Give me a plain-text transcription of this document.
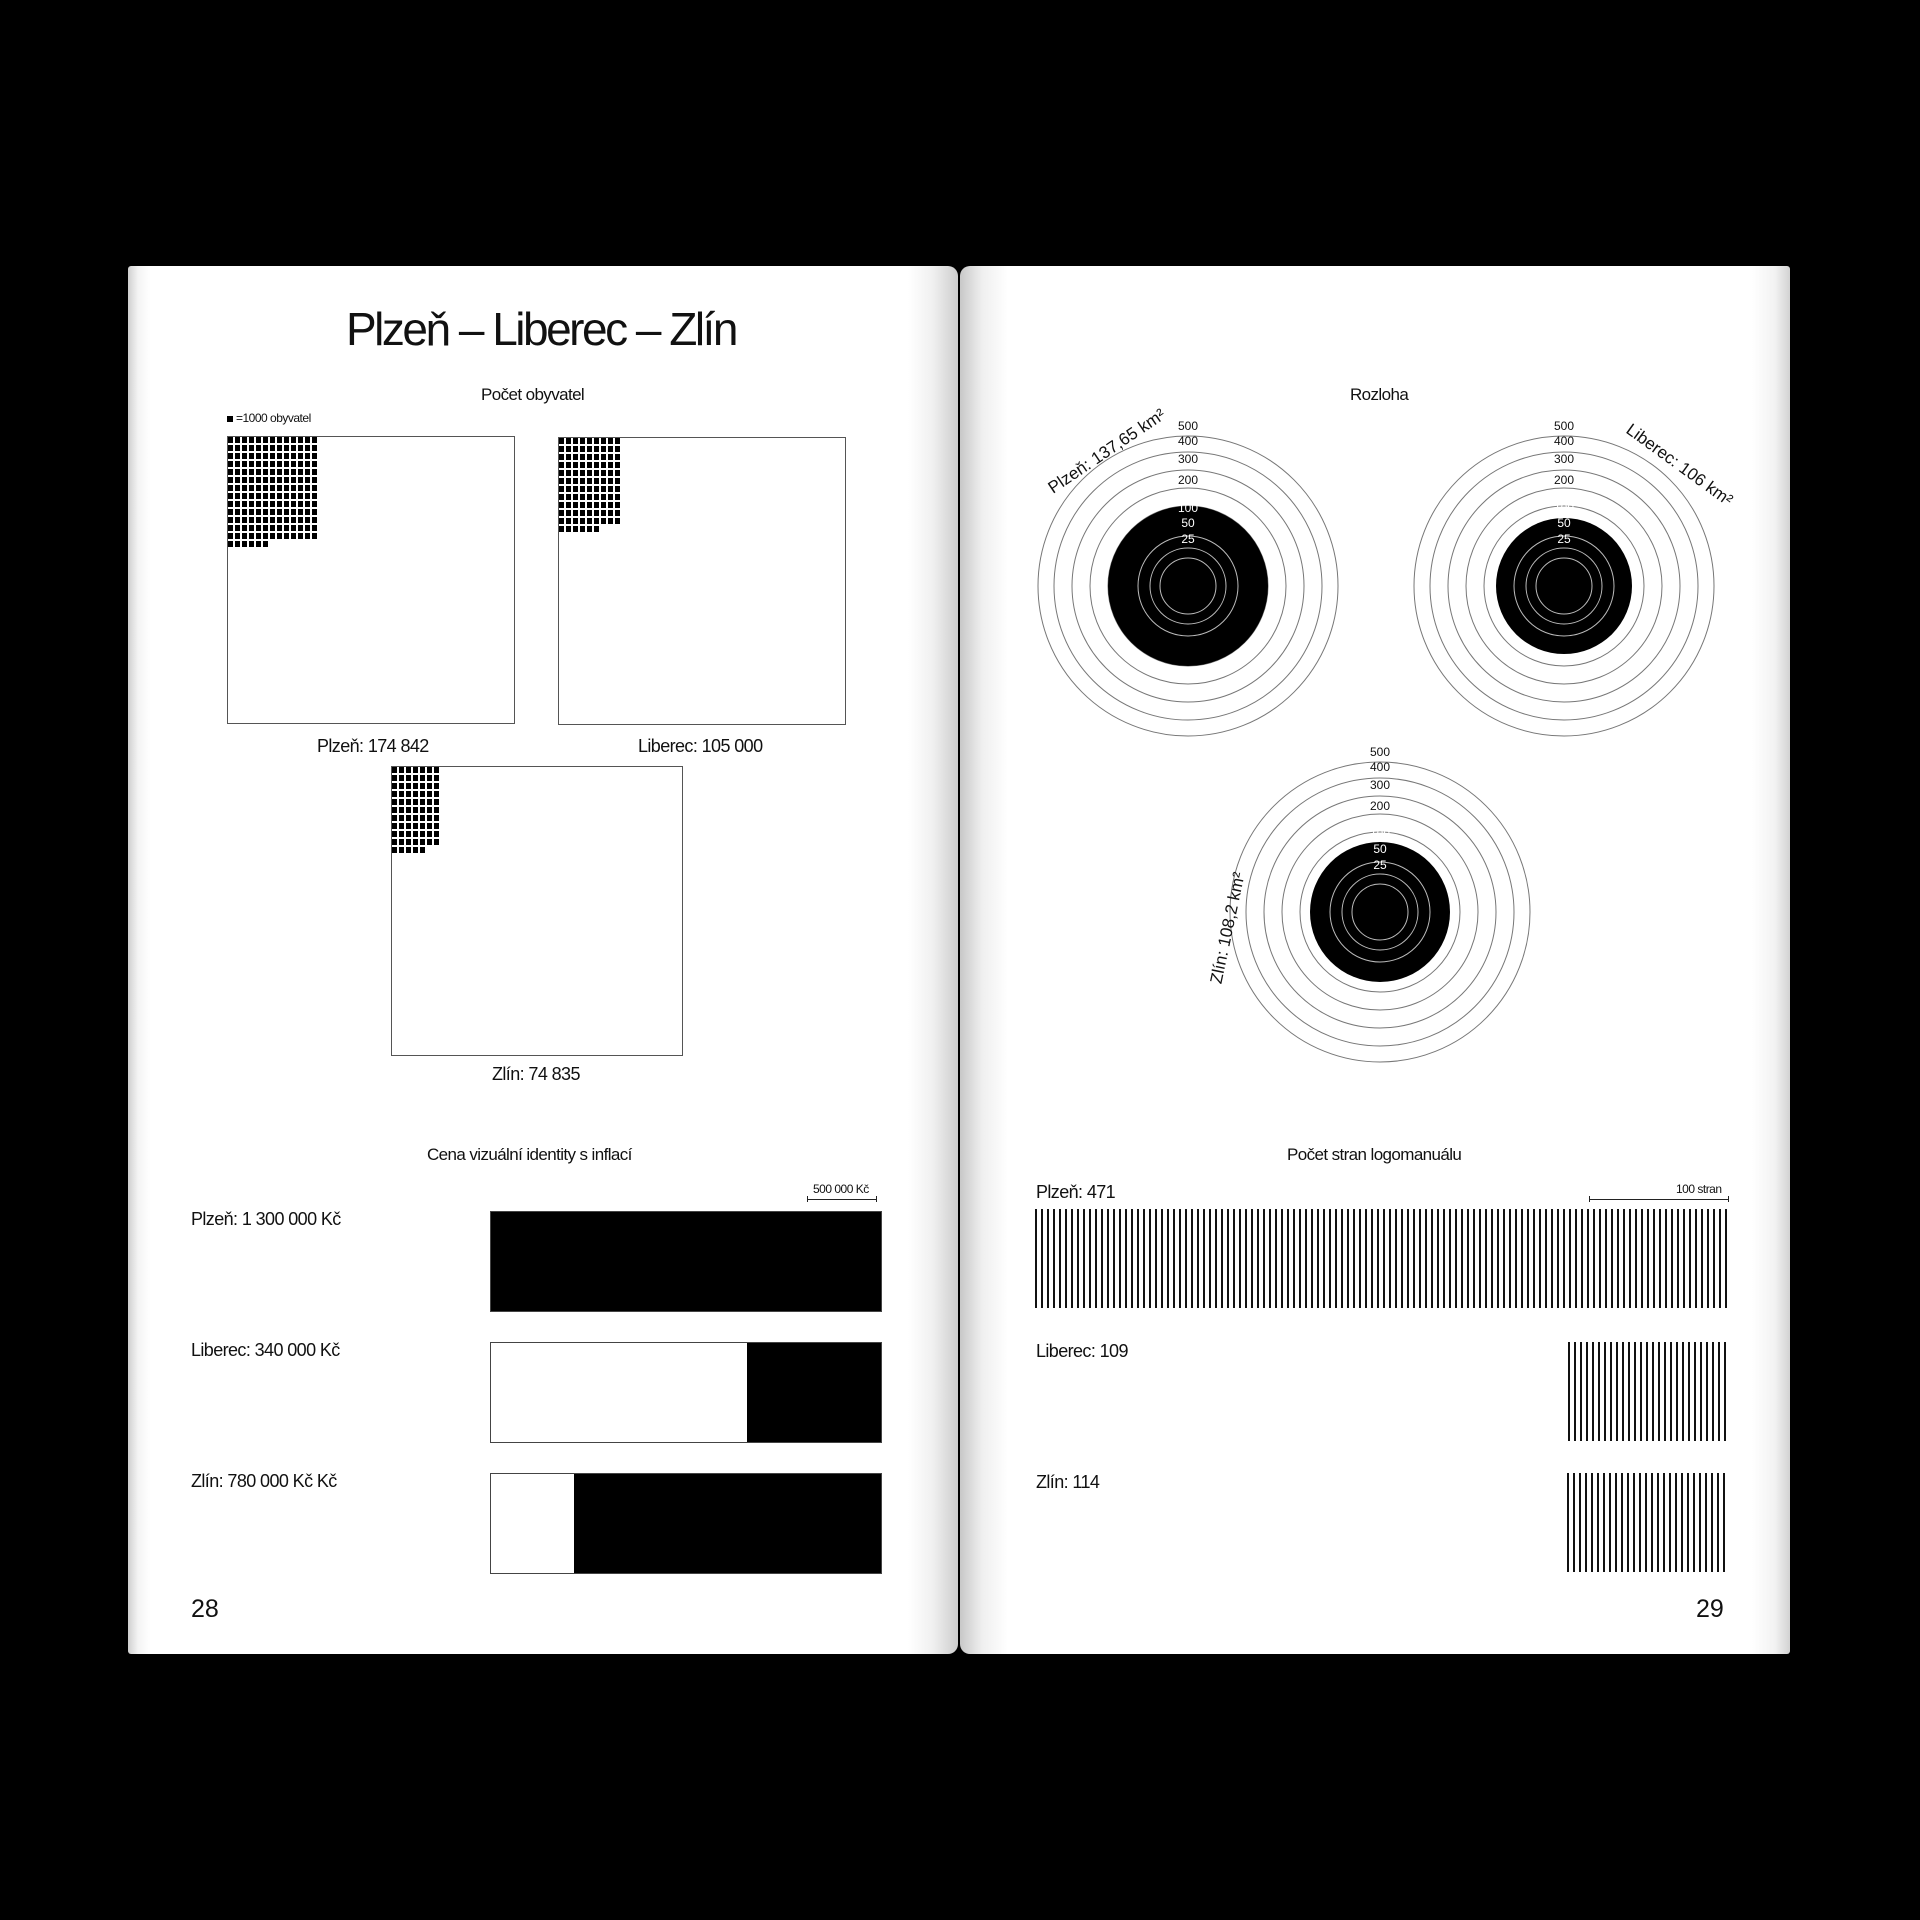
Plzeň – Liberec – Zlín
Počet obyvatel
=1000 obyvatel
Plzeň: 174 842	Liberec: 105 000
Zlín: 74 835
Cena vizuální identity s inflací
500 000 Kč
Plzeň: 1 300 000 Kč
Liberec: 340 000 Kč
Zlín: 780 000 Kč Kč
28
Rozloha
500
400
300
200
100
50
25
500
400
300
200
100
50
25
500
400
300
200
100
50
25
Plzeň: 137,65 km²	Liberec: 106 km²
Zlín: 108,2 km²
Počet stran logomanuálu
100 stran
Plzeň: 471
Liberec: 109
Zlín: 114
29
